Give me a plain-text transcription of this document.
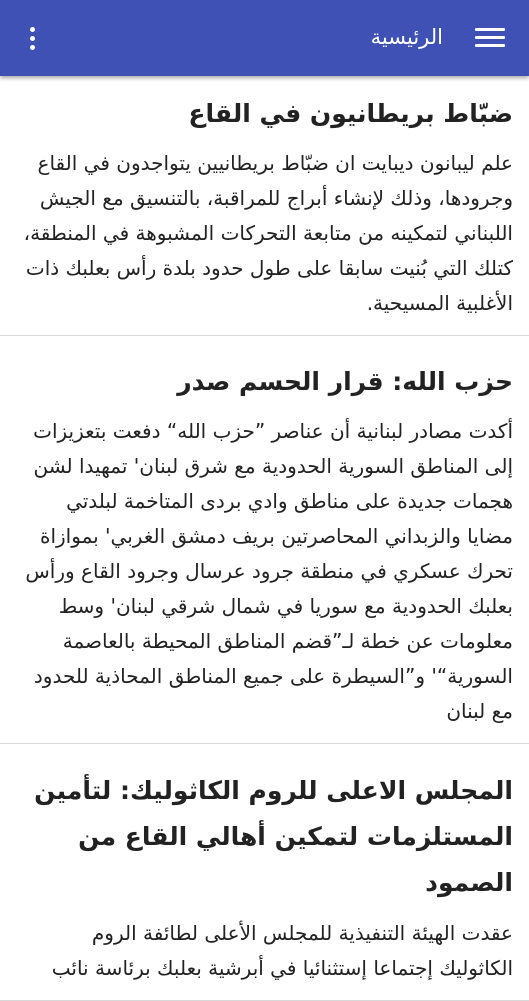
الرئيسية
ضبّاط بريطانيون في القاع

علم ليبانون ديبايت ان ضبّاط بريطانيين يتواجدون في القاع وجرودها، وذلك لإنشاء أبراج للمراقبة، بالتنسيق مع الجيش اللبناني لتمكينه من متابعة التحركات المشبوهة في المنطقة، كتلك التي بُنيت سابقا على طول حدود بلدة رأس بعلبك ذات الأغلبية المسيحية.

حزب الله: قرار الحسم صدر

أكدت مصادر لبنانية أن عناصر ”حزب الله“ دفعت بتعزيزات إلى المناطق السورية الحدودية مع شرق لبنان' تمهيدا لشن هجمات جديدة على مناطق وادي بردى المتاخمة لبلدتي مضايا والزبداني المحاصرتين بريف دمشق الغربي' بموازاة تحرك عسكري في منطقة جرود عرسال وجرود القاع ورأس بعلبك الحدودية مع سوريا في شمال شرقي لبنان' وسط معلومات عن خطة لـ”قضم المناطق المحيطة بالعاصمة السورية“' و”السيطرة على جميع المناطق المحاذية للحدود مع لبنان

المجلس الاعلى للروم الكاثوليك: لتأمين المستلزمات لتمكين أهالي القاع من الصمود

عقدت الهيئة التنفيذية للمجلس الأعلى لطائفة الروم الكاثوليك إجتماعا إستثنائيا في أبرشية بعلبك برئاسة نائب
